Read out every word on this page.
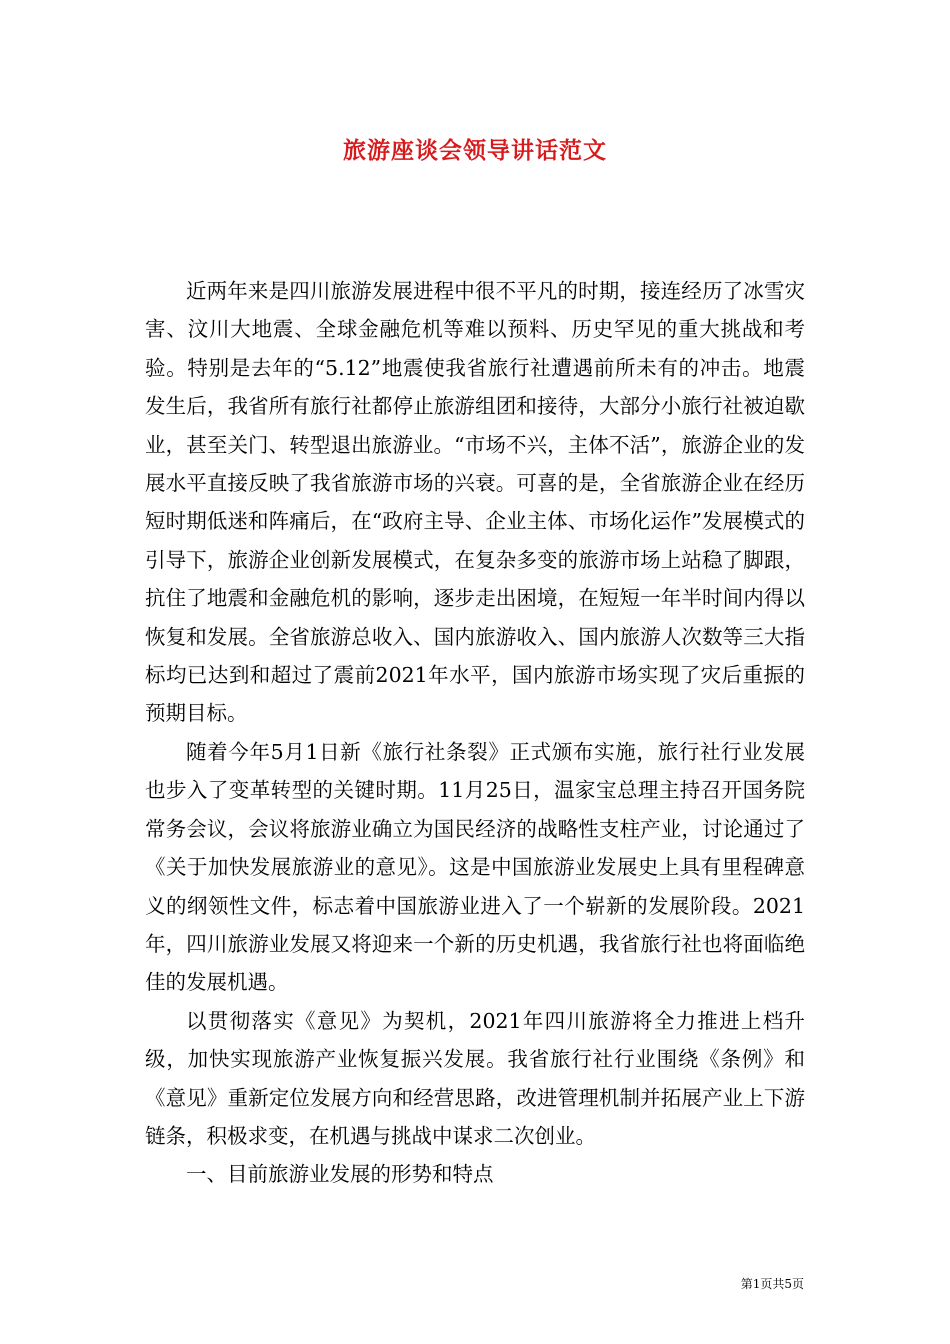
旅游座谈会领导讲话范文

近两年来是四川旅游发展进程中很不平凡的时期，接连经历了冰雪灾害、汶川大地震、全球金融危机等难以预料、历史罕见的重大挑战和考验。特别是去年的“5.12”地震使我省旅行社遭遇前所未有的冲击。地震发生后，我省所有旅行社都停止旅游组团和接待，大部分小旅行社被迫歇业，甚至关门、转型退出旅游业。“市场不兴，主体不活”，旅游企业的发展水平直接反映了我省旅游市场的兴衰。可喜的是，全省旅游企业在经历短时期低迷和阵痛后，在“政府主导、企业主体、市场化运作”发展模式的引导下，旅游企业创新发展模式，在复杂多变的旅游市场上站稳了脚跟，抗住了地震和金融危机的影响，逐步走出困境，在短短一年半时间内得以恢复和发展。全省旅游总收入、国内旅游收入、国内旅游人次数等三大指标均已达到和超过了震前2021年水平，国内旅游市场实现了灾后重振的预期目标。

随着今年5月1日新《旅行社条裂》正式颁布实施，旅行社行业发展也步入了变革转型的关键时期。11月25日，温家宝总理主持召开国务院常务会议，会议将旅游业确立为国民经济的战略性支柱产业，讨论通过了《关于加快发展旅游业的意见》。这是中国旅游业发展史上具有里程碑意义的纲领性文件，标志着中国旅游业进入了一个崭新的发展阶段。2021年，四川旅游业发展又将迎来一个新的历史机遇，我省旅行社也将面临绝佳的发展机遇。

以贯彻落实《意见》为契机，2021年四川旅游将全力推进上档升级，加快实现旅游产业恢复振兴发展。我省旅行社行业围绕《条例》和《意见》重新定位发展方向和经营思路，改进管理机制并拓展产业上下游链条，积极求变，在机遇与挑战中谋求二次创业。

一、目前旅游业发展的形势和特点

第1页共5页
